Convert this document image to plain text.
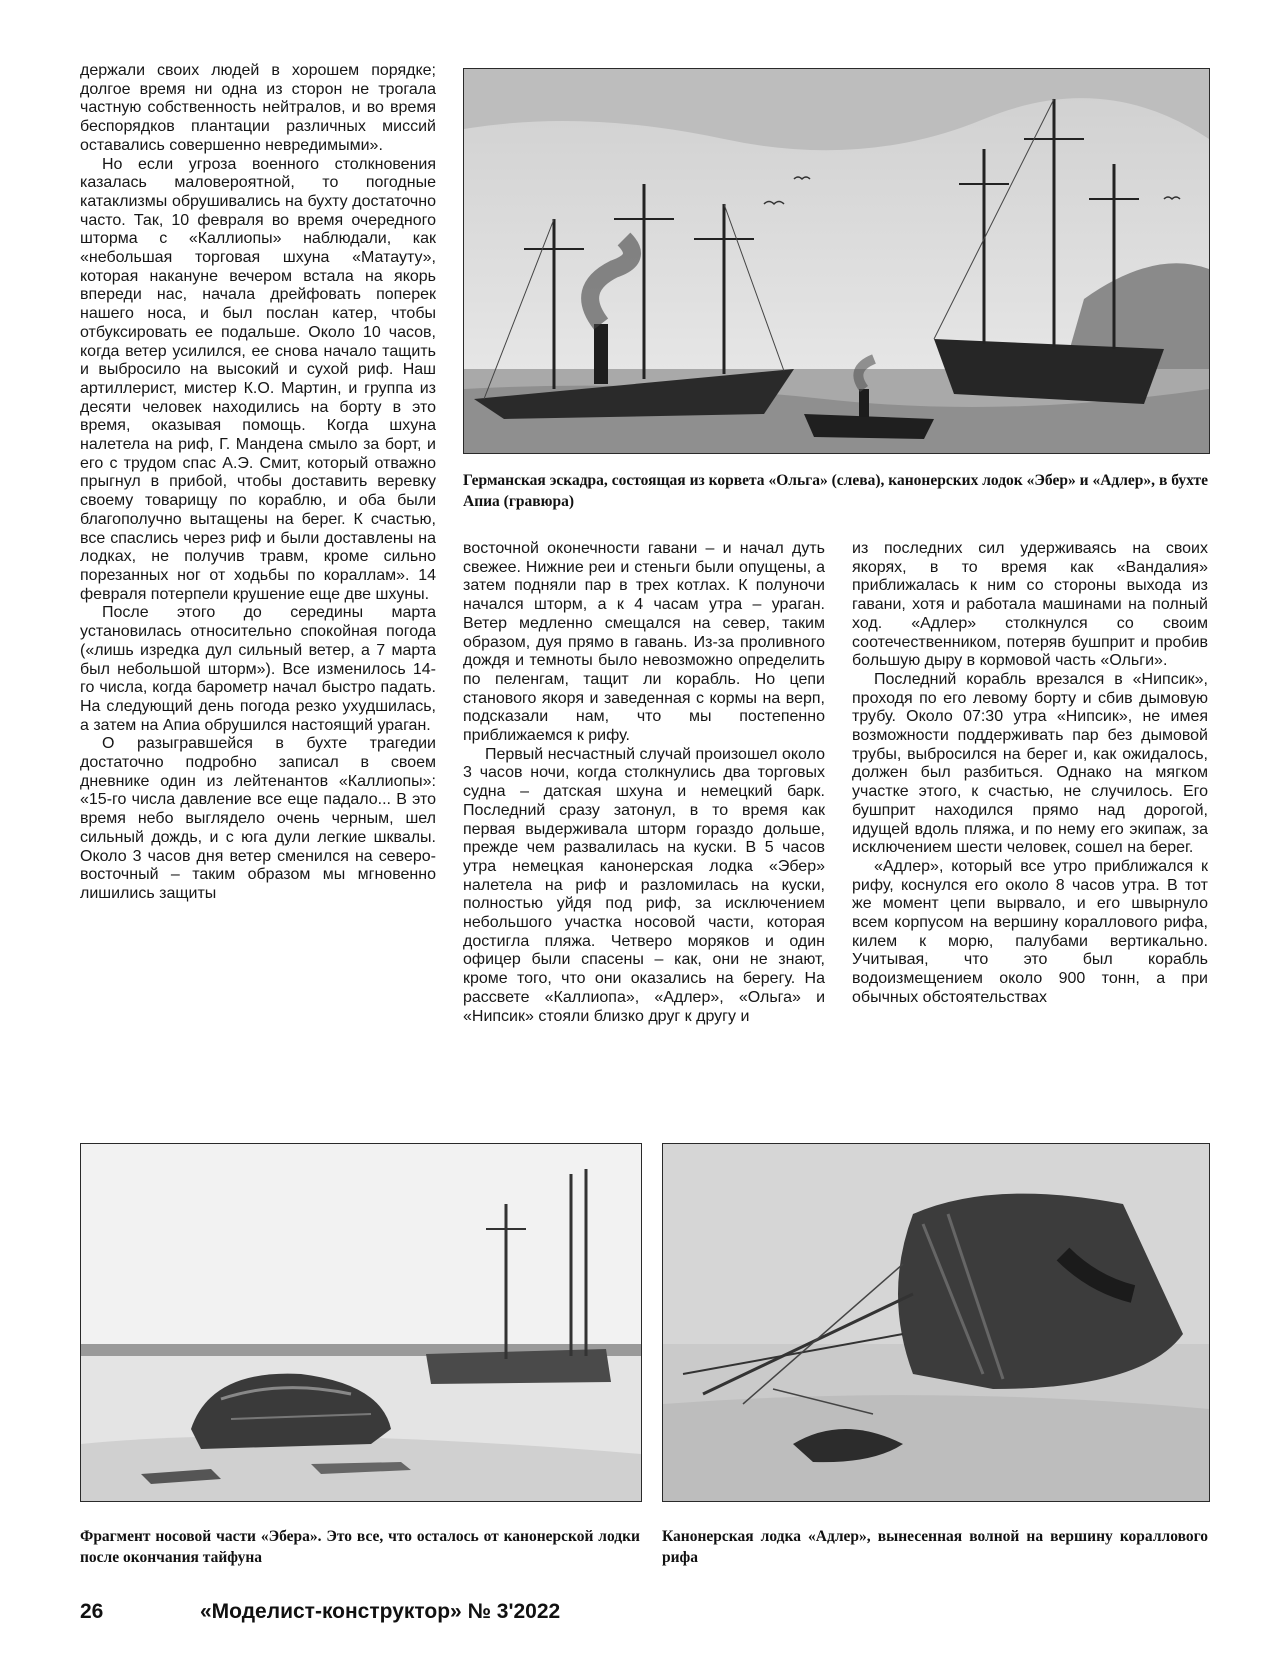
держали своих людей в хорошем порядке; долгое время ни одна из сторон не трогала частную собственность нейтралов, и во время беспорядков плантации различных миссий оставались совершенно невредимыми».

Но если угроза военного столкновения казалась маловероятной, то погодные катаклизмы обрушивались на бухту достаточно часто. Так, 10 февраля во время очередного шторма с «Каллиопы» наблюдали, как «небольшая торговая шхуна «Матауту», которая накануне вечером встала на якорь впереди нас, начала дрейфовать поперек нашего носа, и был послан катер, чтобы отбуксировать ее подальше. Около 10 часов, когда ветер усилился, ее снова начало тащить и выбросило на высокий и сухой риф. Наш артиллерист, мистер К.О. Мартин, и группа из десяти человек находились на борту в это время, оказывая помощь. Когда шхуна налетела на риф, Г. Мандена смыло за борт, и его с трудом спас А.Э. Смит, который отважно прыгнул в прибой, чтобы доставить веревку своему товарищу по кораблю, и оба были благополучно вытащены на берег. К счастью, все спаслись через риф и были доставлены на лодках, не получив травм, кроме сильно порезанных ног от ходьбы по кораллам». 14 февраля потерпели крушение еще две шхуны.

После этого до середины марта установилась относительно спокойная погода («лишь изредка дул сильный ветер, а 7 марта был небольшой шторм»). Все изменилось 14-го числа, когда барометр начал быстро падать. На следующий день погода резко ухудшилась, а затем на Апиа обрушился настоящий ураган.

О разыгравшейся в бухте трагедии достаточно подробно записал в своем дневнике один из лейтенантов «Каллиопы»: «15-го числа давление все еще падало... В это время небо выглядело очень черным, шел сильный дождь, и с юга дули легкие шквалы. Около 3 часов дня ветер сменился на северо-восточный – таким образом мы мгновенно лишились защиты

Германская эскадра, состоящая из корвета «Ольга» (слева), канонерских лодок «Эбер» и «Адлер», в бухте Апиа (гравюра)

восточной оконечности гавани – и начал дуть свежее. Нижние реи и стеньги были опущены, а затем подняли пар в трех котлах. К полуночи начался шторм, а к 4 часам утра – ураган. Ветер медленно смещался на север, таким образом, дуя прямо в гавань. Из-за проливного дождя и темноты было невозможно определить по пеленгам, тащит ли корабль. Но цепи станового якоря и заведенная с кормы на верп, подсказали нам, что мы постепенно приближаемся к рифу.

Первый несчастный случай произошел около 3 часов ночи, когда столкнулись два торговых судна – датская шхуна и немецкий барк. Последний сразу затонул, в то время как первая выдерживала шторм гораздо дольше, прежде чем развалилась на куски. В 5 часов утра немецкая канонерская лодка «Эбер» налетела на риф и разломилась на куски, полностью уйдя под риф, за исключением небольшого участка носовой части, которая достигла пляжа. Четверо моряков и один офицер были спасены – как, они не знают, кроме того, что они оказались на берегу. На рассвете «Каллиопа», «Адлер», «Ольга» и «Нипсик» стояли близко друг к другу и

из последних сил удерживаясь на своих якорях, в то время как «Вандалия» приближалась к ним со стороны выхода из гавани, хотя и работала машинами на полный ход. «Адлер» столкнулся со своим соотечественником, потеряв бушприт и пробив большую дыру в кормовой часть «Ольги».

Последний корабль врезался в «Нипсик», проходя по его левому борту и сбив дымовую трубу. Около 07:30 утра «Нипсик», не имея возможности поддерживать пар без дымовой трубы, выбросился на берег и, как ожидалось, должен был разбиться. Однако на мягком участке этого, к счастью, не случилось. Его бушприт находился прямо над дорогой, идущей вдоль пляжа, и по нему его экипаж, за исключением шести человек, сошел на берег.

«Адлер», который все утро приближался к рифу, коснулся его около 8 часов утра. В тот же момент цепи вырвало, и его швырнуло всем корпусом на вершину кораллового рифа, килем к морю, палубами вертикально. Учитывая, что это был корабль водоизмещением около 900 тонн, а при обычных обстоятельствах

Фрагмент носовой части «Эбера». Это все, что осталось от канонерской лодки после окончания тайфуна
Канонерская лодка «Адлер», вынесенная волной на вершину кораллового рифа
26	«Моделист-конструктор» № 3'2022
